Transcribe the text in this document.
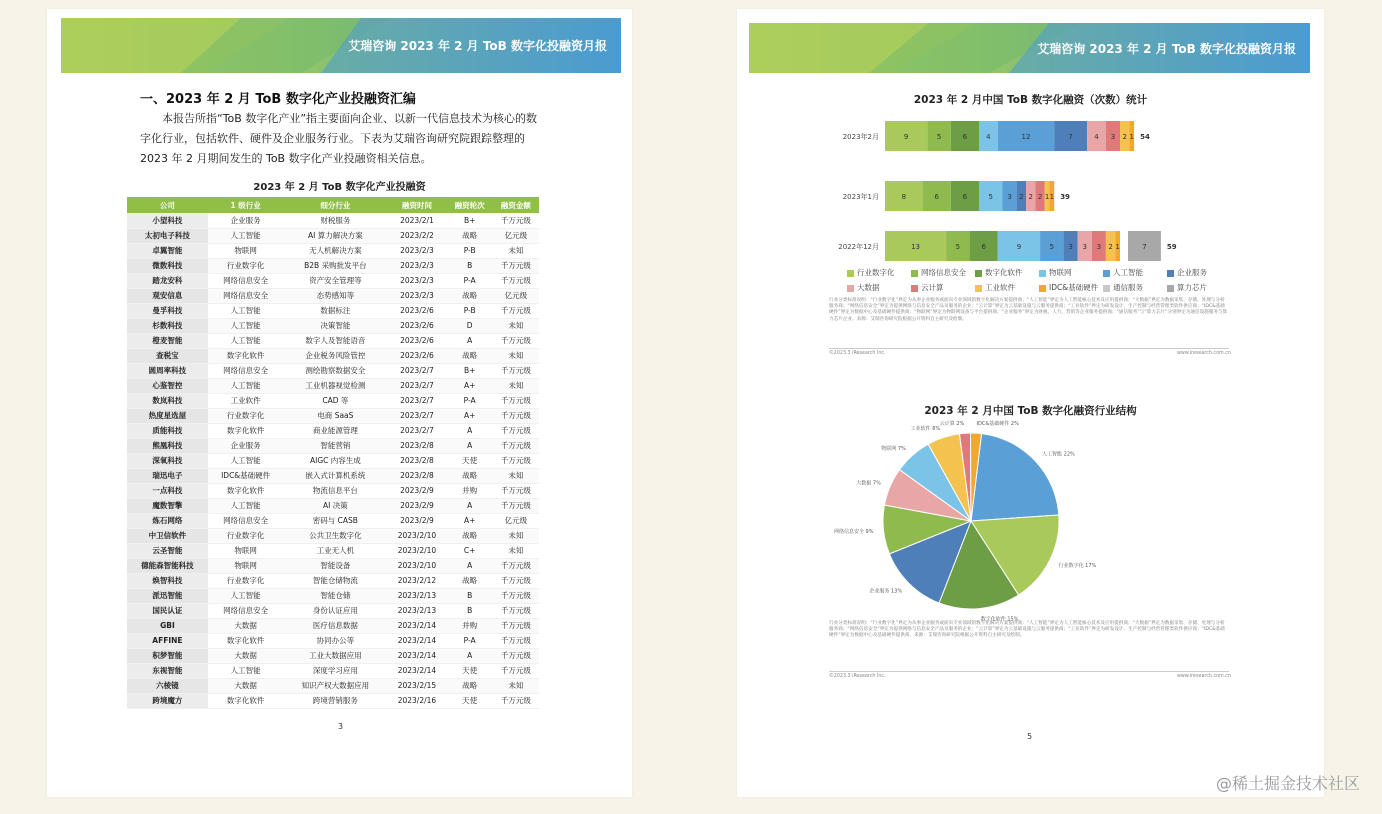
艾瑞咨询 2023 年 2 月 ToB 数字化投融资月报
一、2023 年 2 月 ToB 数字化产业投融资汇编
本报告所指“ToB 数字化产业”指主要面向企业、以新一代信息技术为核心的数字化行业，包括软件、硬件及企业服务行业。下表为艾瑞咨询研究院跟踪整理的 2023 年 2 月期间发生的 ToB 数字化产业投融资相关信息。
2023 年 2 月 ToB 数字化产业投融资
公司	1 级行业	细分行业	融资时间	融资轮次	融资金额
小望科技	企业服务	财税服务	2023/2/1	B+	千万元级
太初电子科技	人工智能	AI 算力解决方案	2023/2/2	战略	亿元级
卓翼智能	物联网	无人机解决方案	2023/2/3	P-B	未知
微数科技	行业数字化	B2B 采购批发平台	2023/2/3	B	千万元级
踏龙安科	网络信息安全	资产安全管理等	2023/2/3	P-A	千万元级
观安信息	网络信息安全	态势感知等	2023/2/3	战略	亿元级
曼孚科技	人工智能	数据标注	2023/2/6	P-B	千万元级
杉数科技	人工智能	决策智能	2023/2/6	D	未知
橙麦智能	人工智能	数字人及智能语音	2023/2/6	A	千万元级
查税宝	数字化软件	企业税务风险管控	2023/2/6	战略	未知
圆周率科技	网络信息安全	测绘勘察数据安全	2023/2/7	B+	千万元级
心鉴智控	人工智能	工业机器视觉检测	2023/2/7	A+	未知
数岚科技	工业软件	CAD 等	2023/2/7	P-A	千万元级
热度星选屋	行业数字化	电商 SaaS	2023/2/7	A+	千万元级
质能科技	数字化软件	商业能源管理	2023/2/7	A	千万元级
熊凰科技	企业服务	智能营销	2023/2/8	A	千万元级
深氧科技	人工智能	AIGC 内容生成	2023/2/8	天使	千万元级
瑞迅电子	IDC&基础硬件	嵌入式计算机系统	2023/2/8	战略	未知
一点科技	数字化软件	物流信息平台	2023/2/9	并购	千万元级
魔数智擎	人工智能	AI 决策	2023/2/9	A	千万元级
炼石网络	网络信息安全	密码与 CASB	2023/2/9	A+	亿元级
中卫信软件	行业数字化	公共卫生数字化	2023/2/10	战略	未知
云圣智能	物联网	工业无人机	2023/2/10	C+	未知
德能森智能科技	物联网	智能设备	2023/2/10	A	千万元级
焕智科技	行业数字化	智能仓储物流	2023/2/12	战略	千万元级
派迅智能	人工智能	智能仓储	2023/2/13	B	千万元级
国民认证	网络信息安全	身份认证应用	2023/2/13	B	千万元级
GBI	大数据	医疗信息数据	2023/2/14	并购	千万元级
AFFINE	数字化软件	协同办公等	2023/2/14	P-A	千万元级
积梦智能	大数据	工业大数据应用	2023/2/14	A	千万元级
东视智能	人工智能	深度学习应用	2023/2/14	天使	千万元级
六棱镜	大数据	知识产权大数据应用	2023/2/15	战略	未知
跨境魔方	数字化软件	跨境营销服务	2023/2/16	天使	千万元级
3
艾瑞咨询 2023 年 2 月 ToB 数字化投融资月报
2023 年 2 月中国 ToB 数字化融资（次数）统计
2023年2月	9	5	6	4	12	7	4 3 2 1 54
2023年1月	8	6	6	5 3 2 2 2 1 1 39
2022年12月	13	5	6	9	5 3 3 3 2 1	7	59
行业数字化	网络信息安全	数字化软件	物联网	人工智能	企业服务大数据	云计算	工业软件	IDC&基础硬件 通信服务	算力芯片
行业分类标准说明：“行业数字化”界定为从事企业服务或面向专业领域的数字化解决方案提供商；“人工智能”界定为人工智能核心技术及应用提供商；“大数据”界定为数据采集、存储、处理与分析服务商；“网络信息安全”界定为提供网络与信息安全产品及服务的企业；“云计算”界定为云基础设施与云服务提供商；“工业软件”界定为研发设计、生产控制与经营管理类软件供应商；“IDC&基础硬件”界定为数据中心及基础硬件提供商；“物联网”界定为物联网设备与平台提供商；“企业服务”界定为财税、人力、营销等企业服务提供商；“通信服务”与“算力芯片”分别界定为通信设施服务与算力芯片企业。来源：艾瑞咨询研究院根据公开资料自主研究及绘制。
©2023.3 iResearch Inc.	www.iresearch.com.cn
2023 年 2 月中国 ToB 数字化融资行业结构
人工智能 22%
行业数字化 17%
数字化软件 15%
企业服务 13%
网络信息安全 9%
大数据 7%
物联网 7%
工业软件 6%
云计算 2% IDC&基础硬件 2%
行业分类标准说明：“行业数字化”界定为从事企业服务或面向专业领域的数字化解决方案提供商；“人工智能”界定为人工智能核心技术及应用提供商；“大数据”界定为数据采集、存储、处理与分析服务商；“网络信息安全”界定为提供网络与信息安全产品及服务的企业；“云计算”界定为云基础设施与云服务提供商；“工业软件”界定为研发设计、生产控制与经营管理类软件供应商；“IDC&基础硬件”界定为数据中心及基础硬件提供商。来源：艾瑞咨询研究院根据公开资料自主研究及绘制。
©2023.3 iResearch Inc.	www.iresearch.com.cn
5
@稀土掘金技术社区
